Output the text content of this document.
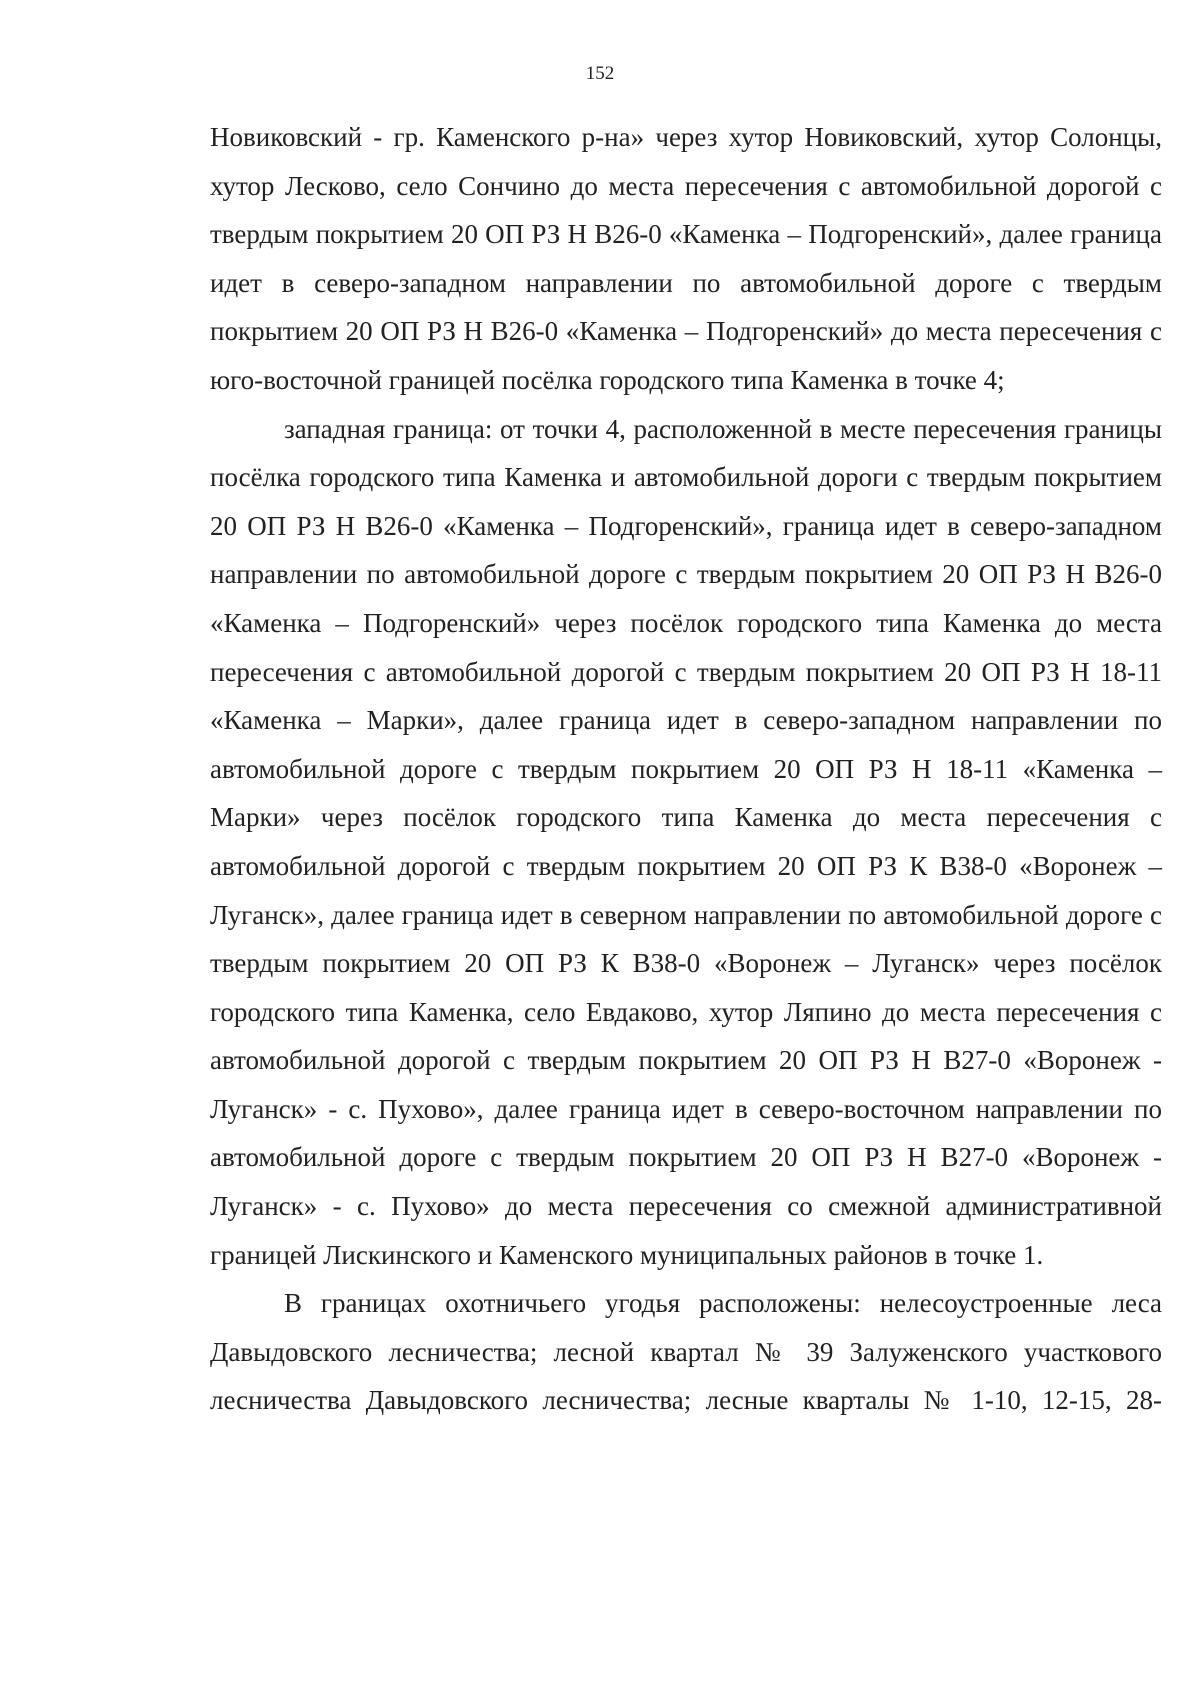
152

Новиковский - гр. Каменского р-на» через хутор Новиковский, хутор Солонцы, хутор Лесково, село Сончино до места пересечения с автомобильной дорогой с твердым покрытием 20 ОП РЗ Н В26-0 «Каменка – Подгоренский», далее граница идет в северо-западном направлении по автомобильной дороге с твердым покрытием 20 ОП РЗ Н В26-0 «Каменка – Подгоренский» до места пересечения с юго-восточной границей посёлка городского типа Каменка в точке 4;

западная граница: от точки 4, расположенной в месте пересечения границы посёлка городского типа Каменка и автомобильной дороги с твердым покрытием 20 ОП РЗ Н В26-0 «Каменка – Подгоренский», граница идет в северо-западном направлении по автомобильной дороге с твердым покрытием 20 ОП РЗ Н В26-0 «Каменка – Подгоренский» через посёлок городского типа Каменка до места пересечения с автомобильной дорогой с твердым покрытием 20 ОП РЗ Н 18-11 «Каменка – Марки», далее граница идет в северо-западном направлении по автомобильной дороге с твердым покрытием 20 ОП РЗ Н 18-11 «Каменка – Марки» через посёлок городского типа Каменка до места пересечения с автомобильной дорогой с твердым покрытием 20 ОП РЗ К В38-0 «Воронеж – Луганск», далее граница идет в северном направлении по автомобильной дороге с твердым покрытием 20 ОП РЗ К В38-0 «Воронеж – Луганск» через посёлок городского типа Каменка, село Евдаково, хутор Ляпино до места пересечения с автомобильной дорогой с твердым покрытием 20 ОП РЗ Н В27-0 «Воронеж - Луганск» - с. Пухово», далее граница идет в северо-восточном направлении по автомобильной дороге с твердым покрытием 20 ОП РЗ Н В27-0 «Воронеж - Луганск» - с. Пухово» до места пересечения со смежной административной границей Лискинского и Каменского муниципальных районов в точке 1.

В границах охотничьего угодья расположены: нелесоустроенные леса Давыдовского лесничества; лесной квартал № 39 Залуженского участкового лесничества Давыдовского лесничества; лесные кварталы № 1-10, 12-15, 28-
